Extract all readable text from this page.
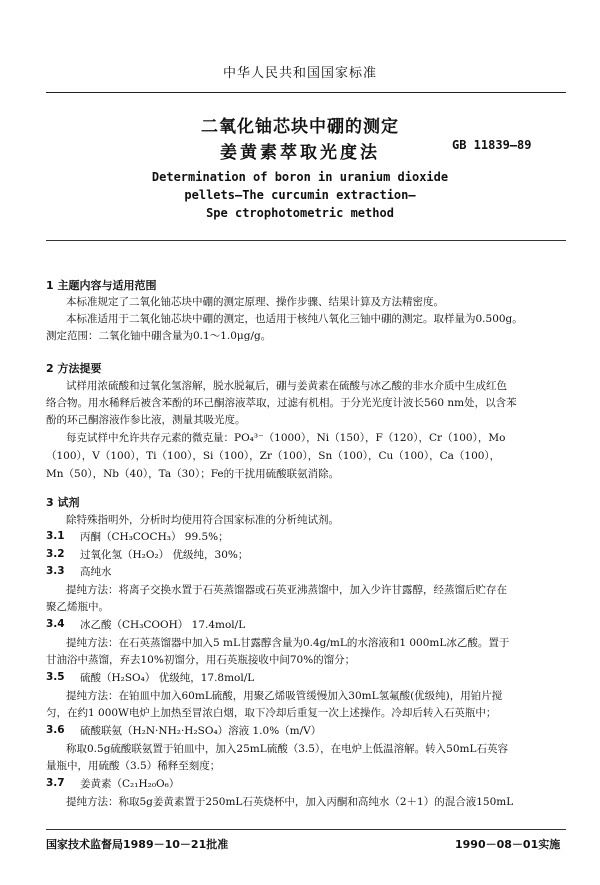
中华人民共和国国家标准
二氧化铀芯块中硼的测定
姜黄素萃取光度法	GB 11839—89
Determination of boron in uranium dioxide
pellets—The curcumin extraction—
Spe ctrophotometric method
1 主题内容与适用范围
本标准规定了二氧化铀芯块中硼的测定原理、操作步骤、结果计算及方法精密度。
本标准适用于二氧化铀芯块中硼的测定，也适用于核纯八氧化三铀中硼的测定。取样量为0.500g。
测定范围：二氧化铀中硼含量为0.1～1.0μg/g。
2 方法提要
试样用浓硫酸和过氧化氢溶解，脱水脱氟后，硼与姜黄素在硫酸与冰乙酸的非水介质中生成红色
络合物。用水稀释后被含苯酚的环己酮溶液萃取，过滤有机相。于分光光度计波长560 nm处，以含苯
酚的环己酮溶液作参比液，测量其吸光度。
每克试样中允许共存元素的微克量：PO₄³⁻（1000），Ni（150），F（120），Cr（100），Mo
（100），V（100），Ti（100），Si（100），Zr（100），Sn（100），Cu（100），Ca（100），
Mn（50），Nb（40），Ta（30）；Fe的干扰用硫酸联氨消除。
3 试剂
除特殊指明外，分析时均使用符合国家标准的分析纯试剂。
3.1 丙酮（CH₃COCH₃） 99.5%；
3.2 过氧化氢（H₂O₂） 优级纯，30%；
3.3 高纯水
提纯方法：将离子交换水置于石英蒸馏器或石英亚沸蒸馏中，加入少许甘露醇，经蒸馏后贮存在
聚乙烯瓶中。
3.4 冰乙酸（CH₃COOH） 17.4mol/L
提纯方法：在石英蒸馏器中加入5 mL甘露醇含量为0.4g/mL的水溶液和1 000mL冰乙酸。置于
甘油浴中蒸馏，弃去10%初馏分，用石英瓶接收中间70%的馏分；
3.5 硫酸（H₂SO₄） 优级纯，17.8mol/L
提纯方法：在铂皿中加入60mL硫酸，用聚乙烯吸管缓慢加入30mL氢氟酸(优级纯)，用铂片搅
匀，在约1 000W电炉上加热至冒浓白烟，取下冷却后重复一次上述操作。冷却后转入石英瓶中；
3.6 硫酸联氨（H₂N·NH₂·H₂SO₄）溶液 1.0%（m/V）
称取0.5g硫酸联氨置于铂皿中，加入25mL硫酸（3.5），在电炉上低温溶解。转入50mL石英容
量瓶中，用硫酸（3.5）稀释至刻度；
3.7 姜黄素（C₂₁H₂₀O₆）
提纯方法：称取5g姜黄素置于250mL石英烧杯中，加入丙酮和高纯水（2＋1）的混合液150mL
国家技术监督局1989－10－21批准	1990－08－01实施
